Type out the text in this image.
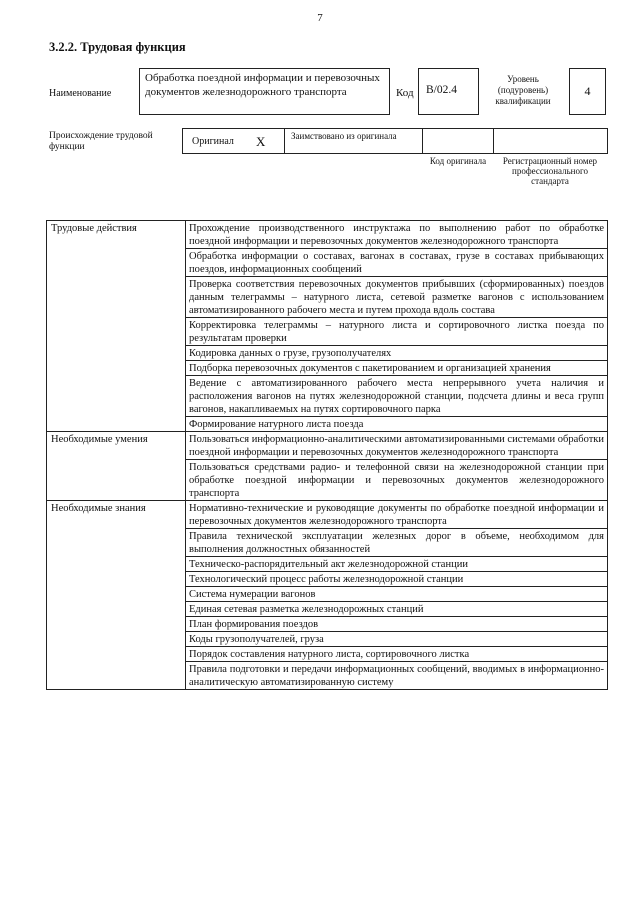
7
3.2.2. Трудовая функция
Наименование
Обработка поездной информации и перевозочных документов железнодорожного транспорта	Код	В/02.4
Уровень (подуровень) квалификации
4
Происхождение трудовой функции	Оригинал X	Заимствовано из оригинала
Код оригинала	Регистрационный номер профессионального стандарта
Трудовые действия	Прохождение производственного инструктажа по выполнению работ по обработке поездной информации и перевозочных документов железнодорожного транспорта
	Обработка информации о составах, вагонах в составах, грузе в составах прибывающих поездов, информационных сообщений
	Проверка соответствия перевозочных документов прибывших (сформированных) поездов данным телеграммы – натурного листа, сетевой разметке вагонов с использованием автоматизированного рабочего места и путем прохода вдоль состава
	Корректировка телеграммы – натурного листа и сортировочного листка поезда по результатам проверки
	Кодировка данных о грузе, грузополучателях
	Подборка перевозочных документов с пакетированием и организацией хранения
	Ведение с автоматизированного рабочего места непрерывного учета наличия и расположения вагонов на путях железнодорожной станции, подсчета длины и веса групп вагонов, накапливаемых на путях сортировочного парка
	Формирование натурного листа поезда
Необходимые умения	Пользоваться информационно-аналитическими автоматизированными системами обработки поездной информации и перевозочных документов железнодорожного транспорта
	Пользоваться средствами радио- и телефонной связи на железнодорожной станции при обработке поездной информации и перевозочных документов железнодорожного транспорта
Необходимые знания	Нормативно-технические и руководящие документы по обработке поездной информации и перевозочных документов железнодорожного транспорта
	Правила технической эксплуатации железных дорог в объеме, необходимом для выполнения должностных обязанностей
	Техническо-распорядительный акт железнодорожной станции
	Технологический процесс работы железнодорожной станции
	Система нумерации вагонов
	Единая сетевая разметка железнодорожных станций
	План формирования поездов
	Коды грузополучателей, груза
	Порядок составления натурного листа, сортировочного листка
	Правила подготовки и передачи информационных сообщений, вводимых в информационно-аналитическую автоматизированную систему
